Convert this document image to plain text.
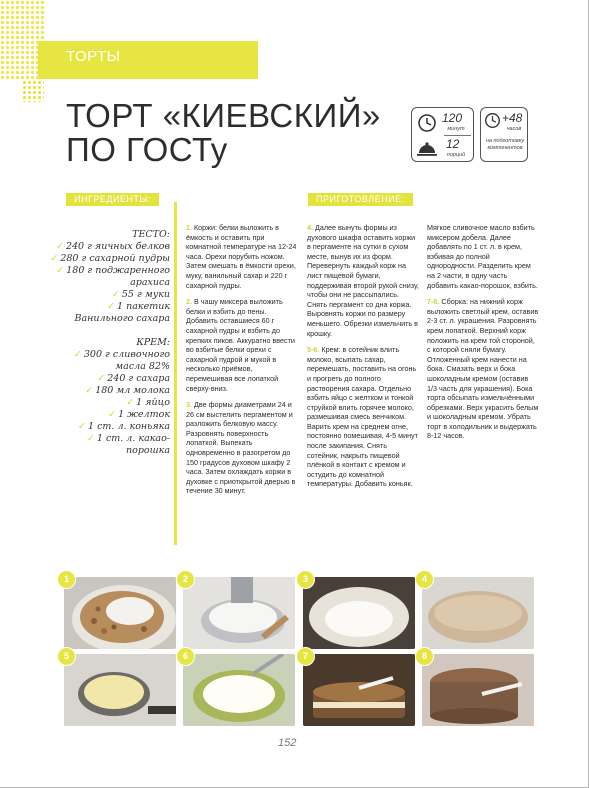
ТОРТЫ
ТОРТ «КИЕВСКИЙ»
ПО ГОСТу
120
минут
12
порций
+48
часов
на подготовку компонентов
ИНГРЕДИЕНТЫ:	ПРИГОТОВЛЕНИЕ:
ТЕСТО:
✓ 240 г яичных белков
✓ 280 г сахарной пудры
✓ 180 г поджаренного арахиса
✓ 55 г муки
✓ 1 пакетик Ванильного сахара
КРЕМ:
✓ 300 г сливочного масла 82%
✓ 240 г сахара
✓ 180 мл молока
✓ 1 яйцо
✓ 1 желток
✓ 1 ст. л. коньяка
✓ 1 ст. л. какао-порошка

1. Коржи: белки выложить в ёмкость и оставить при комнатной температуре на 12-24 часа. Орехи порубить ножом. Затем смешать в ёмкости орехи, муку, ванильный сахар и 220 г сахарной пудры.

2. В чашу миксера выложить белки и взбить до пены. Добавить оставшиеся 60 г сахарной пудры и взбить до крепких пиков. Аккуратно ввести во взбитые белки орехи с сахарной пудрой и мукой в несколько приёмов, перемешивая все лопаткой сверху-вниз.

3. Две формы диаметрами 24 и 26 см выстелить пергаментом и разложить белковую массу. Разровнять поверхность лопаткой. Выпекать одновременно в разогретом до 150 градусов духовом шкафу 2 часа. Затем охлаждать коржи в духовке с приоткрытой дверью в течение 30 минут.

4. Далее вынуть формы из духового шкафа оставить коржи в пергаменте на сутки в сухом месте, вынув их из форм. Перевернуть каждый корж на лист пищевой бумаги, поддерживая второй рукой снизу, чтобы они не рассыпались. Снять пергамент со дна коржа. Выровнять коржи по размеру меньшего. Обрезки измельчить в крошку.

5-6. Крем: в сотейник влить молоко, всыпать сахар, перемешать, поставить на огонь и прогреть до полного растворения сахара. Отдельно взбить яйцо с желтком и тонкой струйкой влить горячее молоко, размешивая смесь венчиком. Варить крем на среднем огне, постоянно помешивая, 4-5 минут после закипания. Снять сотейник, накрыть пищевой плёнкой в контакт с кремом и остудить до комнатной температуры. Добавить коньяк.

Мягкое сливочное масло взбить миксером добела. Далее добавлять по 1 ст. л. в крем, взбивая до полной однородности. Разделить крем на 2 части, в одну часть добавить какао-порошок, взбить.

7-8. Сборка: на нижний корж выложить светлый крем, оставив 2-3 ст. л. украшения. Разровнять крем лопаткой. Верхний корж положить на крем той стороной, с которой сняли бумагу. Отложенный крем нанести на бока. Смазать верх и бока шоколадным кремом (оставив 1/3 часть для украшения). Бока торта обсыпать измельчёнными обрезками. Верх украсить белым и шоколадным кремом. Убрать торт в холодильник и выдержать 8-12 часов.

1	2	3	4
5	6	7	8
152
